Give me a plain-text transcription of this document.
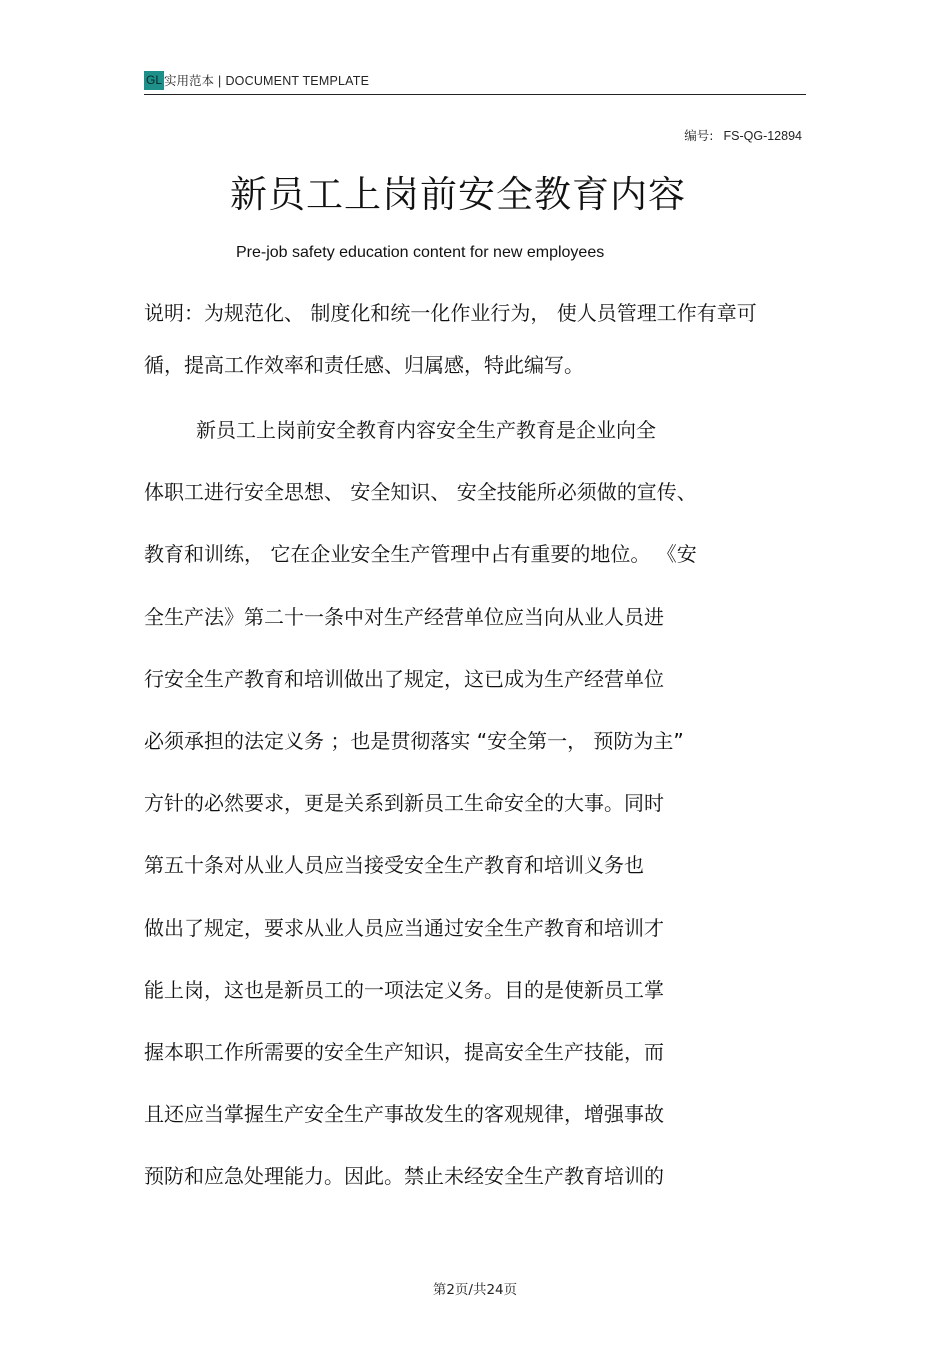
GL 实用范本 | DOCUMENT TEMPLATE
编号: FS-QG-12894
新员工上岗前安全教育内容
Pre-job safety education content for new employees
说明：为规范化、 制度化和统一化作业行为， 使人员管理工作有章可
循，提高工作效率和责任感、归属感，特此编写。
新员工上岗前安全教育内容安全生产教育是企业向全
体职工进行安全思想、 安全知识、 安全技能所必须做的宣传、
教育和训练， 它在企业安全生产管理中占有重要的地位。 《安
全生产法》第二十一条中对生产经营单位应当向从业人员进
行安全生产教育和培训做出了规定，这已成为生产经营单位
必须承担的法定义务 ；也是贯彻落实 “安全第一， 预防为主”
方针的必然要求，更是关系到新员工生命安全的大事。同时
第五十条对从业人员应当接受安全生产教育和培训义务也
做出了规定，要求从业人员应当通过安全生产教育和培训才
能上岗，这也是新员工的一项法定义务。目的是使新员工掌
握本职工作所需要的安全生产知识，提高安全生产技能，而
且还应当掌握生产安全生产事故发生的客观规律，增强事故
预防和应急处理能力。因此。禁止未经安全生产教育培训的
第2页/共24页
